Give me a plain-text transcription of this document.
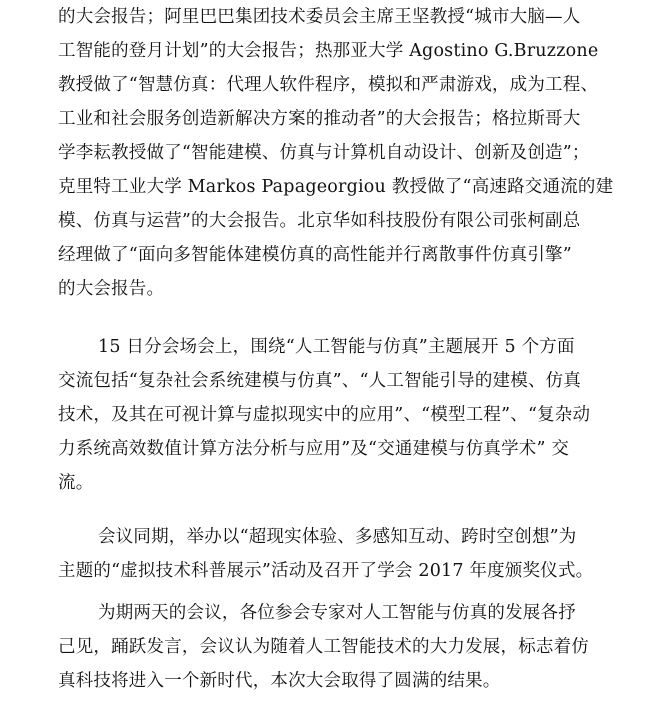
的大会报告；阿里巴巴集团技术委员会主席王坚教授“城市大脑—人
工智能的登月计划”的大会报告；热那亚大学 Agostino G.Bruzzone
教授做了“智慧仿真：代理人软件程序，模拟和严肃游戏，成为工程、
工业和社会服务创造新解决方案的推动者”的大会报告；格拉斯哥大
学李耘教授做了“智能建模、仿真与计算机自动设计、创新及创造”；
克里特工业大学 Markos Papageorgiou 教授做了“高速路交通流的建
模、仿真与运营”的大会报告。北京华如科技股份有限公司张柯副总
经理做了“面向多智能体建模仿真的高性能并行离散事件仿真引擎”
的大会报告。

15 日分会场会上，围绕“人工智能与仿真”主题展开 5 个方面
交流包括“复杂社会系统建模与仿真”、“人工智能引导的建模、仿真
技术，及其在可视计算与虚拟现实中的应用”、“模型工程”、“复杂动
力系统高效数值计算方法分析与应用”及“交通建模与仿真学术” 交
流。

会议同期，举办以“超现实体验、多感知互动、跨时空创想”为
主题的“虚拟技术科普展示”活动及召开了学会 2017 年度颁奖仪式。

为期两天的会议，各位参会专家对人工智能与仿真的发展各抒
己见，踊跃发言，会议认为随着人工智能技术的大力发展，标志着仿
真科技将进入一个新时代，本次大会取得了圆满的结果。
